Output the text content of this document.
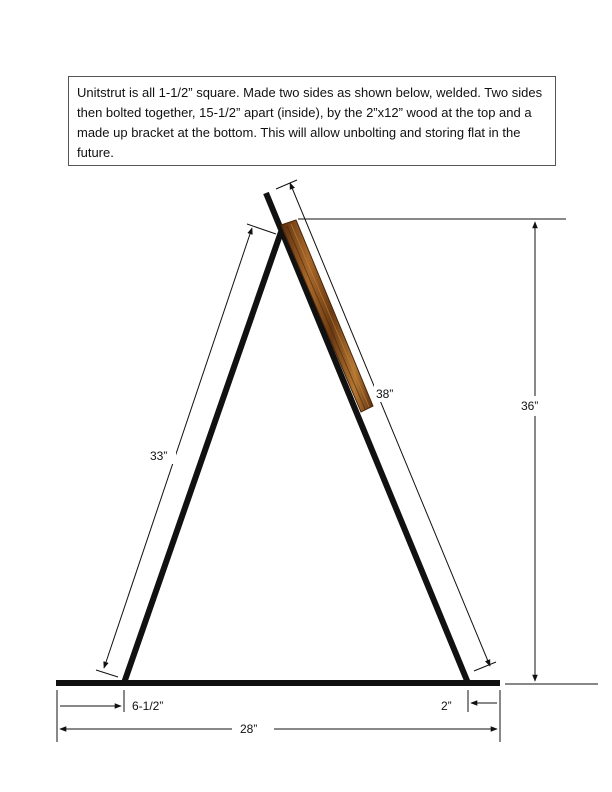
Unitstrut is all 1-1/2” square. Made two sides as shown below, welded. Two sides then bolted together, 15-1/2” apart (inside), by the 2”x12” wood at the top and a made up bracket at the bottom. This will allow unbolting and storing flat in the future.
33”
38”
36”
6-1/2”	2”
28”
